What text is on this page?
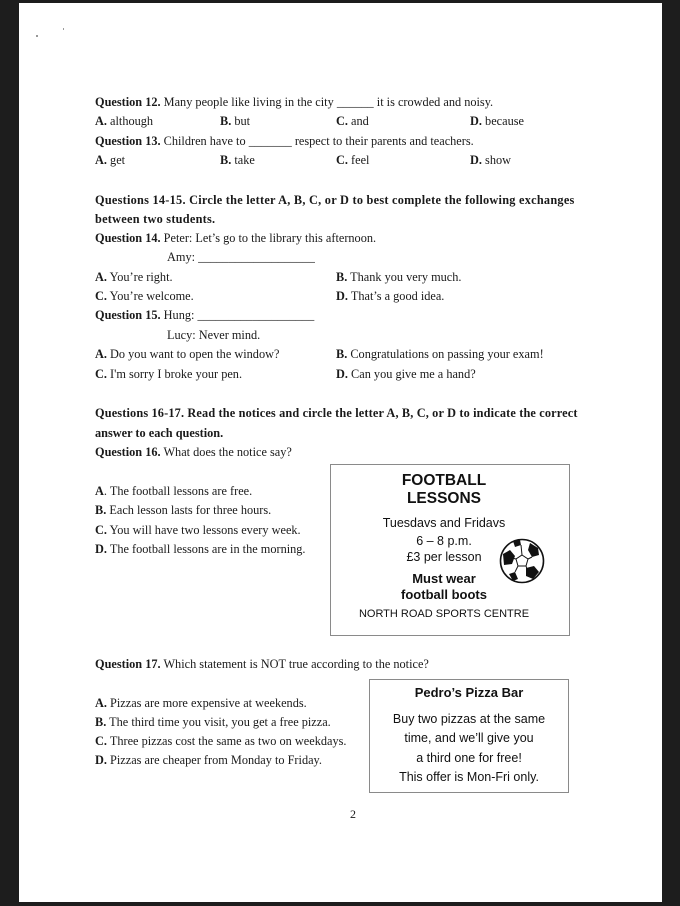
Question 12. Many people like living in the city ______ it is crowded and noisy.
A. although	B. but	C. and	D. because
Question 13. Children have to _______ respect to their parents and teachers.
A. get	B. take	C. feel	D. show
Questions 14-15. Circle the letter A, B, C, or D to best complete the following exchanges
between two students.
Question 14. Peter: Let’s go to the library this afternoon.
Amy: ___________________
A. You’re right.	B. Thank you very much.
C. You’re welcome.	D. That’s a good idea.
Question 15. Hung: ___________________
Lucy: Never mind.
A. Do you want to open the window?	B. Congratulations on passing your exam!
C. I'm sorry I broke your pen.	D. Can you give me a hand?
Questions 16-17. Read the notices and circle the letter A, B, C, or D to indicate the correct
answer to each question.
Question 16. What does the notice say?
A. The football lessons are free.
B. Each lesson lasts for three hours.
C. You will have two lessons every week.
D. The football lessons are in the morning.
FOOTBALL
LESSONS
Tuesdavs and Fridavs
6 – 8 p.m.
£3 per lesson
Must wear
football boots
NORTH ROAD SPORTS CENTRE
Question 17. Which statement is NOT true according to the notice?
A. Pizzas are more expensive at weekends.
B. The third time you visit, you get a free pizza.
C. Three pizzas cost the same as two on weekdays.
D. Pizzas are cheaper from Monday to Friday.
Pedro’s Pizza Bar
Buy two pizzas at the same
time, and we’ll give you
a third one for free!
This offer is Mon-Fri only.
2
